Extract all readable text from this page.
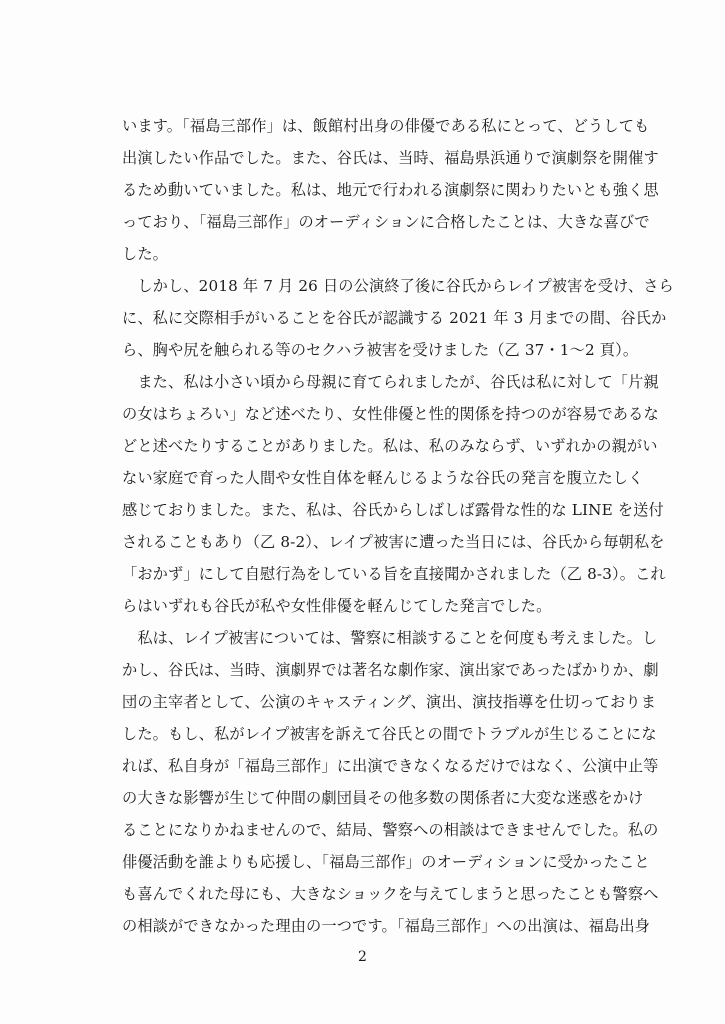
います。「福島三部作」は、飯館村出身の俳優である私にとって、どうしても
出演したい作品でした。また、谷氏は、当時、福島県浜通りで演劇祭を開催す
るため動いていました。私は、地元で行われる演劇祭に関わりたいとも強く思
っており、「福島三部作」のオーディションに合格したことは、大きな喜びで
した。
　しかし、2018 年 7 月 26 日の公演終了後に谷氏からレイプ被害を受け、さら
に、私に交際相手がいることを谷氏が認識する 2021 年 3 月までの間、谷氏か
ら、胸や尻を触られる等のセクハラ被害を受けました（乙 37・1〜2 頁）。
　また、私は小さい頃から母親に育てられましたが、谷氏は私に対して「片親
の女はちょろい」など述べたり、女性俳優と性的関係を持つのが容易であるな
どと述べたりすることがありました。私は、私のみならず、いずれかの親がい
ない家庭で育った人間や女性自体を軽んじるような谷氏の発言を腹立たしく
感じておりました。また、私は、谷氏からしばしば露骨な性的な LINE を送付
されることもあり（乙 8-2）、レイプ被害に遭った当日には、谷氏から毎朝私を
「おかず」にして自慰行為をしている旨を直接聞かされました（乙 8-3）。これ
らはいずれも谷氏が私や女性俳優を軽んじてした発言でした。
　私は、レイプ被害については、警察に相談することを何度も考えました。し
かし、谷氏は、当時、演劇界では著名な劇作家、演出家であったばかりか、劇
団の主宰者として、公演のキャスティング、演出、演技指導を仕切っておりま
した。もし、私がレイプ被害を訴えて谷氏との間でトラブルが生じることにな
れば、私自身が「福島三部作」に出演できなくなるだけではなく、公演中止等
の大きな影響が生じて仲間の劇団員その他多数の関係者に大変な迷惑をかけ
ることになりかねませんので、結局、警察への相談はできませんでした。私の
俳優活動を誰よりも応援し、「福島三部作」のオーディションに受かったこと
も喜んでくれた母にも、大きなショックを与えてしまうと思ったことも警察へ
の相談ができなかった理由の一つです。「福島三部作」への出演は、福島出身
2
